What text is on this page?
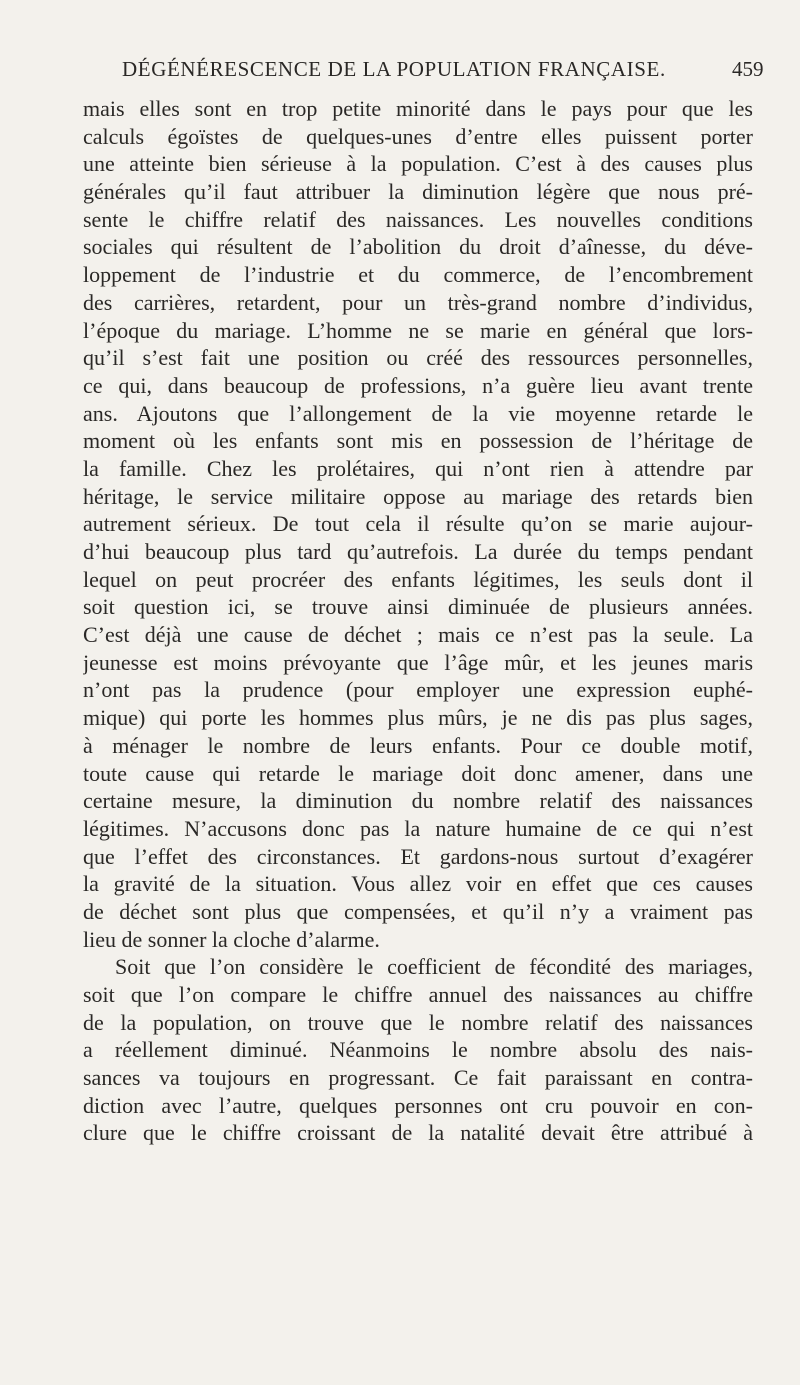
DÉGÉNÉRESCENCE DE LA POPULATION FRANÇAISE.	459
mais elles sont en trop petite minorité dans le pays pour que les
calculs égoïstes de quelques-unes d’entre elles puissent porter
une atteinte bien sérieuse à la population. C’est à des causes plus
générales qu’il faut attribuer la diminution légère que nous pré-
sente le chiffre relatif des naissances. Les nouvelles conditions
sociales qui résultent de l’abolition du droit d’aînesse, du déve-
loppement de l’industrie et du commerce, de l’encombrement
des carrières, retardent, pour un très-grand nombre d’individus,
l’époque du mariage. L’homme ne se marie en général que lors-
qu’il s’est fait une position ou créé des ressources personnelles,
ce qui, dans beaucoup de professions, n’a guère lieu avant trente
ans. Ajoutons que l’allongement de la vie moyenne retarde le
moment où les enfants sont mis en possession de l’héritage de
la famille. Chez les prolétaires, qui n’ont rien à attendre par
héritage, le service militaire oppose au mariage des retards bien
autrement sérieux. De tout cela il résulte qu’on se marie aujour-
d’hui beaucoup plus tard qu’autrefois. La durée du temps pendant
lequel on peut procréer des enfants légitimes, les seuls dont il
soit question ici, se trouve ainsi diminuée de plusieurs années.
C’est déjà une cause de déchet ; mais ce n’est pas la seule. La
jeunesse est moins prévoyante que l’âge mûr, et les jeunes maris
n’ont pas la prudence (pour employer une expression euphé-
mique) qui porte les hommes plus mûrs, je ne dis pas plus sages,
à ménager le nombre de leurs enfants. Pour ce double motif,
toute cause qui retarde le mariage doit donc amener, dans une
certaine mesure, la diminution du nombre relatif des naissances
légitimes. N’accusons donc pas la nature humaine de ce qui n’est
que l’effet des circonstances. Et gardons-nous surtout d’exagérer
la gravité de la situation. Vous allez voir en effet que ces causes
de déchet sont plus que compensées, et qu’il n’y a vraiment pas
lieu de sonner la cloche d’alarme.
Soit que l’on considère le coefficient de fécondité des mariages,
soit que l’on compare le chiffre annuel des naissances au chiffre
de la population, on trouve que le nombre relatif des naissances
a réellement diminué. Néanmoins le nombre absolu des nais-
sances va toujours en progressant. Ce fait paraissant en contra-
diction avec l’autre, quelques personnes ont cru pouvoir en con-
clure que le chiffre croissant de la natalité devait être attribué à
